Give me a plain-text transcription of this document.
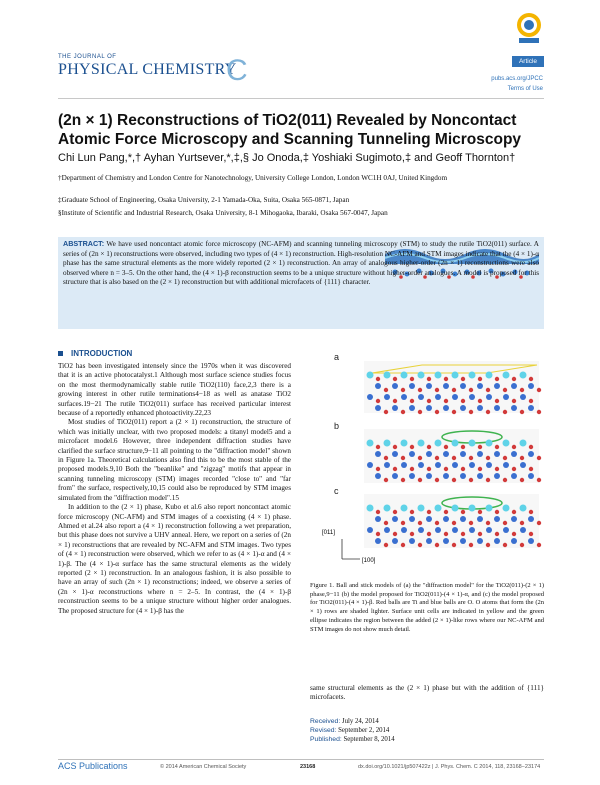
THE JOURNAL OF
PHYSICAL CHEMISTRY
C	Article
pubs.acs.org/JPCC
Terms of Use
(2n × 1) Reconstructions of TiO2(011) Revealed by Noncontact Atomic Force Microscopy and Scanning Tunneling Microscopy
Chi Lun Pang,*,† Ayhan Yurtsever,*,‡,§ Jo Onoda,‡ Yoshiaki Sugimoto,‡ and Geoff Thornton†
†Department of Chemistry and London Centre for Nanotechnology, University College London, London WC1H 0AJ, United Kingdom
‡Graduate School of Engineering, Osaka University, 2-1 Yamada-Oka, Suita, Osaka 565-0871, Japan
§Institute of Scientific and Industrial Research, Osaka University, 8-1 Mihogaoka, Ibaraki, Osaka 567-0047, Japan
ABSTRACT: We have used noncontact atomic force microscopy (NC-AFM) and scanning tunneling microscopy (STM) to study the rutile TiO2(011) surface. A series of (2n × 1) reconstructions were observed, including two types of (4 × 1) reconstruction. High-resolution NC-AFM and STM images indicate that the (4 × 1)-α phase has the same structural elements as the more widely reported (2 × 1) reconstruction. An array of analogous higher-order (2n × 1) reconstructions were also observed where n = 3–5. On the other hand, the (4 × 1)-β reconstruction seems to be a unique structure without higher-order analogues. A model is proposed for this structure that is also based on the (2 × 1) reconstruction but with additional microfacets of {111} character.
INTRODUCTION

TiO2 has been investigated intensely since the 1970s when it was discovered that it is an active photocatalyst.1 Although most surface science studies focus on the most thermodynamically stable rutile TiO2(110) face,2,3 there is a growing interest in other rutile terminations4−18 as well as anatase TiO2 surfaces.19−21 The rutile TiO2(011) surface has received particular interest because of a reportedly enhanced photoactivity.22,23

Most studies of TiO2(011) report a (2 × 1) reconstruction, the structure of which was initially unclear, with two proposed models: a titanyl model5 and a microfacet model.6 However, three independent diffraction studies have clarified the surface structure,9−11 all pointing to the "diffraction model" shown in Figure 1a. Theoretical calculations also find this to be the most stable of the proposed models.9,10 Both the "beanlike" and "zigzag" motifs that appear in scanning tunneling microscopy (STM) images recorded "close to" and "far from" the surface, respectively,10,15 could also be reproduced by STM images simulated from the "diffraction model".15

In addition to the (2 × 1) phase, Kubo et al.6 also report noncontact atomic force microscopy (NC-AFM) and STM images of a coexisting (4 × 1) phase. Ahmed et al.24 also report a (4 × 1) reconstruction following a wet preparation, but this phase does not survive a UHV anneal. Here, we report on a series of (2n × 1) reconstructions that are revealed by NC-AFM and STM images. Two types of (4 × 1) reconstruction were observed, which we refer to as (4 × 1)-α and (4 × 1)-β. The (4 × 1)-α surface has the same structural elements as the widely reported (2 × 1) reconstruction. In an analogous fashion, it is also possible to have an array of such (2n × 1) reconstructions; indeed, we observe a series of (2n × 1)-α reconstructions where n = 2–5. In contrast, the (4 × 1)-β reconstruction seems to be a unique structure without higher order analogues. The proposed structure for (4 × 1)-β has the

a
b
c
[011]
[100]
Figure 1. Ball and stick models of (a) the "diffraction model" for the TiO2(011)-(2 × 1) phase,9−11 (b) the model proposed for TiO2(011)-(4 × 1)-α, and (c) the model proposed for TiO2(011)-(4 × 1)-β. Red balls are Ti and blue balls are O. O atoms that form the (2n × 1) rows are shaded lighter. Surface unit cells are indicated in yellow and the green ellipse indicates the region between the added (2 × 1)-like rows where our NC-AFM and STM images do not show much detail.
same structural elements as the (2 × 1) phase but with the addition of {111} microfacets.
Received: July 24, 2014
Revised: September 2, 2014
Published: September 8, 2014
ACS Publications	© 2014 American Chemical Society	23168	dx.doi.org/10.1021/jp507422z | J. Phys. Chem. C 2014, 118, 23168−23174
